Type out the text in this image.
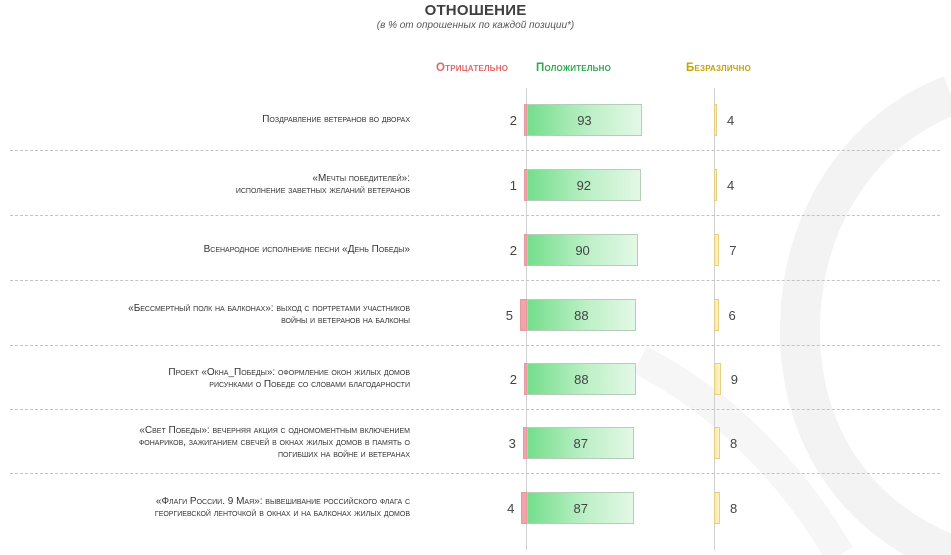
ОТНОШЕНИЕ
(в % от опрошенных по каждой позиции*)
Отрицательно Положительно	Безразлично
Поздравление ветеранов во дворах	2	93	4
«Мечты победителей»:
исполнение заветных желаний ветеранов	1	92	4
Всенародное исполнение песни «День Победы»	2	90	7
«Бессмертный полк на балконах»: выход с портретами участников
войны и ветеранов на балконы	5	88	6
Проект «Окна_Победы»: оформление окон жилых домов
рисунками о Победе со словами благодарности	2	88	9
«Свет Победы»: вечерняя акция с одномоментным включением
фонариков, зажиганием свечей в окнах жилых домов в память о
погибших на войне и ветеранах
3	87	8
«Флаги России. 9 Мая»: вывешивание российского флага с
георгиевской ленточкой в окнах и на балконах жилых домов	4	87	8
